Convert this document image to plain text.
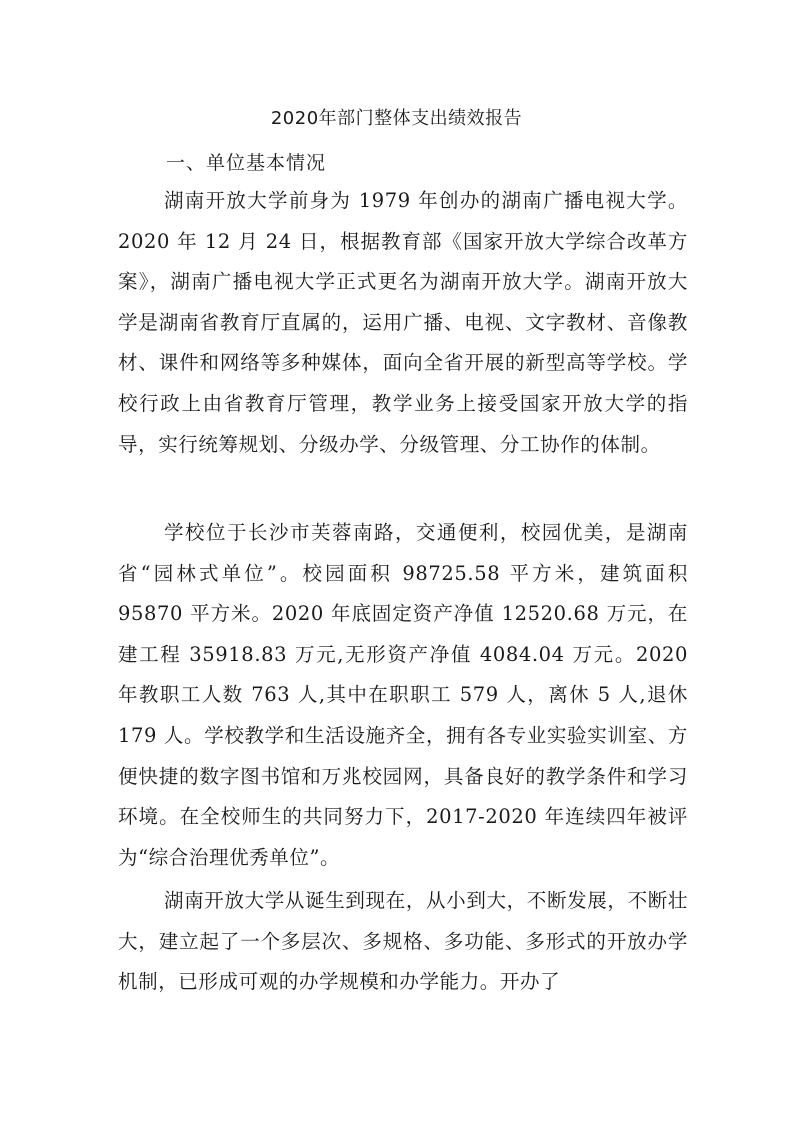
2020年部门整体支出绩效报告
一、单位基本情况

湖南开放大学前身为 1979 年创办的湖南广播电视大学。2020 年 12 月 24 日，根据教育部《国家开放大学综合改革方案》，湖南广播电视大学正式更名为湖南开放大学。湖南开放大学是湖南省教育厅直属的，运用广播、电视、文字教材、音像教材、课件和网络等多种媒体，面向全省开展的新型高等学校。学校行政上由省教育厅管理，教学业务上接受国家开放大学的指导，实行统筹规划、分级办学、分级管理、分工协作的体制。

学校位于长沙市芙蓉南路，交通便利，校园优美，是湖南省“园林式单位”。校园面积 98725.58 平方米，建筑面积 95870 平方米。2020 年底固定资产净值 12520.68 万元，在建工程 35918.83 万元,无形资产净值 4084.04 万元。2020 年教职工人数 763 人,其中在职职工 579 人，离休 5 人,退休 179 人。学校教学和生活设施齐全，拥有各专业实验实训室、方便快捷的数字图书馆和万兆校园网，具备良好的教学条件和学习环境。在全校师生的共同努力下，2017-2020 年连续四年被评为“综合治理优秀单位”。

湖南开放大学从诞生到现在，从小到大，不断发展，不断壮大，建立起了一个多层次、多规格、多功能、多形式的开放办学机制，已形成可观的办学规模和办学能力。开办了
